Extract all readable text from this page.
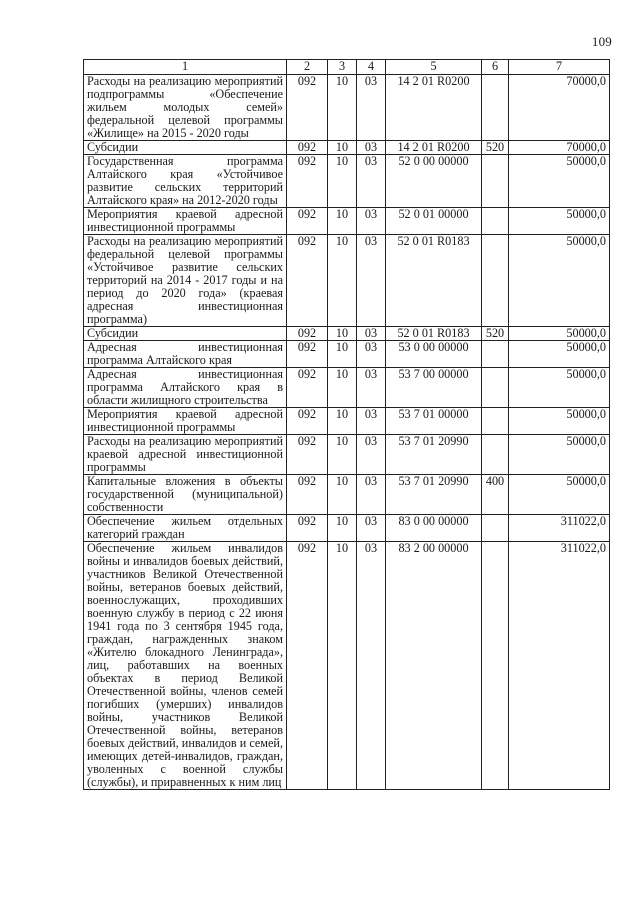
109
1	2	3	4	5	6	7
Расходы на реализацию мероприятий подпрограммы «Обеспечение жильем молодых семей» федеральной целевой программы «Жилище» на 2015 - 2020 годы	092	10	03	14 2 01 R0200		70000,0
Субсидии	092	10	03	14 2 01 R0200	520	70000,0
Государственная программа Алтайского края «Устойчивое развитие сельских территорий Алтайского края» на 2012-2020 годы	092	10	03	52 0 00 00000		50000,0
Мероприятия краевой адресной инвестиционной программы	092	10	03	52 0 01 00000		50000,0
Расходы на реализацию мероприятий федеральной целевой программы «Устойчивое развитие сельских территорий на 2014 - 2017 годы и на период до 2020 года» (краевая адресная инвестиционная программа)	092	10	03	52 0 01 R0183		50000,0
Субсидии	092	10	03	52 0 01 R0183	520	50000,0
Адресная инвестиционная программа Алтайского края	092	10	03	53 0 00 00000		50000,0
Адресная инвестиционная программа Алтайского края в области жилищного строительства	092	10	03	53 7 00 00000		50000,0
Мероприятия краевой адресной инвестиционной программы	092	10	03	53 7 01 00000		50000,0
Расходы на реализацию мероприятий краевой адресной инвестиционной программы	092	10	03	53 7 01 20990		50000,0
Капитальные вложения в объекты государственной (муниципальной) собственности	092	10	03	53 7 01 20990	400	50000,0
Обеспечение жильем отдельных категорий граждан	092	10	03	83 0 00 00000		311022,0
Обеспечение жильем инвалидов войны и инвалидов боевых действий, участников Великой Отечественной войны, ветеранов боевых действий, военнослужащих, проходивших военную службу в период с 22 июня 1941 года по 3 сентября 1945 года, граждан, награжденных знаком «Жителю блокадного Ленинграда», лиц, работавших на военных объектах в период Великой Отечественной войны, членов семей погибших (умерших) инвалидов войны, участников Великой Отечественной войны, ветеранов боевых действий, инвалидов и семей, имеющих детей-инвалидов, граждан, уволенных с военной службы (службы), и приравненных к ним лиц	092	10	03	83 2 00 00000		311022,0
